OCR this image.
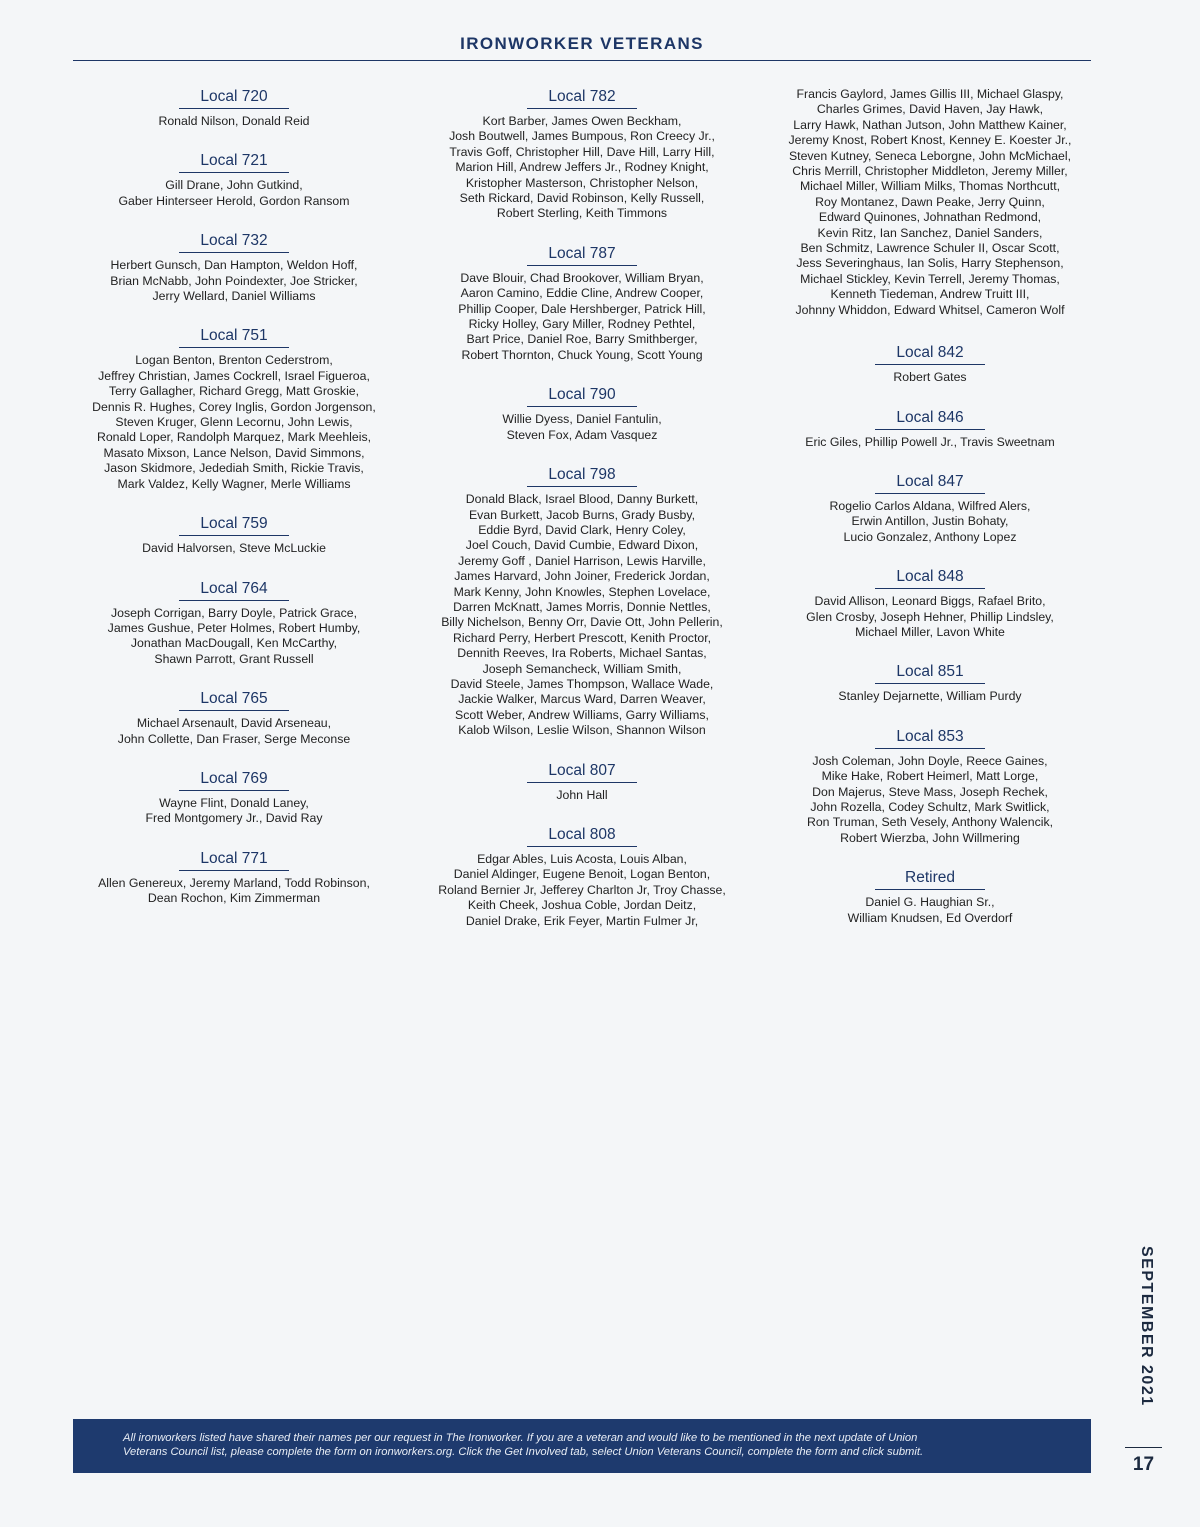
IRONWORKER VETERANS
Local 720
Ronald Nilson, Donald Reid
Local 721
Gill Drane, John Gutkind,
Gaber Hinterseer Herold, Gordon Ransom
Local 732
Herbert Gunsch, Dan Hampton, Weldon Hoff,
Brian McNabb, John Poindexter, Joe Stricker,
Jerry Wellard, Daniel Williams
Local 751
Logan Benton, Brenton Cederstrom,
Jeffrey Christian, James Cockrell, Israel Figueroa,
Terry Gallagher, Richard Gregg, Matt Groskie,
Dennis R. Hughes, Corey Inglis, Gordon Jorgenson,
Steven Kruger, Glenn Lecornu, John Lewis,
Ronald Loper, Randolph Marquez, Mark Meehleis,
Masato Mixson, Lance Nelson, David Simmons,
Jason Skidmore, Jedediah Smith, Rickie Travis,
Mark Valdez, Kelly Wagner, Merle Williams
Local 759
David Halvorsen, Steve McLuckie
Local 764
Joseph Corrigan, Barry Doyle, Patrick Grace,
James Gushue, Peter Holmes, Robert Humby,
Jonathan MacDougall, Ken McCarthy,
Shawn Parrott, Grant Russell
Local 765
Michael Arsenault, David Arseneau,
John Collette, Dan Fraser, Serge Meconse
Local 769
Wayne Flint, Donald Laney,
Fred Montgomery Jr., David Ray
Local 771
Allen Genereux, Jeremy Marland, Todd Robinson,
Dean Rochon, Kim Zimmerman
Local 782
Kort Barber, James Owen Beckham,
Josh Boutwell, James Bumpous, Ron Creecy Jr.,
Travis Goff, Christopher Hill, Dave Hill, Larry Hill,
Marion Hill, Andrew Jeffers Jr., Rodney Knight,
Kristopher Masterson, Christopher Nelson,
Seth Rickard, David Robinson, Kelly Russell,
Robert Sterling, Keith Timmons
Local 787
Dave Blouir, Chad Brookover, William Bryan,
Aaron Camino, Eddie Cline, Andrew Cooper,
Phillip Cooper, Dale Hershberger, Patrick Hill,
Ricky Holley, Gary Miller, Rodney Pethtel,
Bart Price, Daniel Roe, Barry Smithberger,
Robert Thornton, Chuck Young, Scott Young
Local 790
Willie Dyess, Daniel Fantulin,
Steven Fox, Adam Vasquez
Local 798
Donald Black, Israel Blood, Danny Burkett,
Evan Burkett, Jacob Burns, Grady Busby,
Eddie Byrd, David Clark, Henry Coley,
Joel Couch, David Cumbie, Edward Dixon,
Jeremy Goff , Daniel Harrison, Lewis Harville,
James Harvard, John Joiner, Frederick Jordan,
Mark Kenny, John Knowles, Stephen Lovelace,
Darren McKnatt, James Morris, Donnie Nettles,
Billy Nichelson, Benny Orr, Davie Ott, John Pellerin,
Richard Perry, Herbert Prescott, Kenith Proctor,
Dennith Reeves, Ira Roberts, Michael Santas,
Joseph Semancheck, William Smith,
David Steele, James Thompson, Wallace Wade,
Jackie Walker, Marcus Ward, Darren Weaver,
Scott Weber, Andrew Williams, Garry Williams,
Kalob Wilson, Leslie Wilson, Shannon Wilson
Local 807
John Hall
Local 808
Edgar Ables, Luis Acosta, Louis Alban,
Daniel Aldinger, Eugene Benoit, Logan Benton,
Roland Bernier Jr, Jefferey Charlton Jr, Troy Chasse,
Keith Cheek, Joshua Coble, Jordan Deitz,
Daniel Drake, Erik Feyer, Martin Fulmer Jr,
Francis Gaylord, James Gillis III, Michael Glaspy,
Charles Grimes, David Haven, Jay Hawk,
Larry Hawk, Nathan Jutson, John Matthew Kainer,
Jeremy Knost, Robert Knost, Kenney E. Koester Jr.,
Steven Kutney, Seneca Leborgne, John McMichael,
Chris Merrill, Christopher Middleton, Jeremy Miller,
Michael Miller, William Milks, Thomas Northcutt,
Roy Montanez, Dawn Peake, Jerry Quinn,
Edward Quinones, Johnathan Redmond,
Kevin Ritz, Ian Sanchez, Daniel Sanders,
Ben Schmitz, Lawrence Schuler II, Oscar Scott,
Jess Severinghaus, Ian Solis, Harry Stephenson,
Michael Stickley, Kevin Terrell, Jeremy Thomas,
Kenneth Tiedeman, Andrew Truitt III,
Johnny Whiddon, Edward Whitsel, Cameron Wolf
Local 842
Robert Gates
Local 846
Eric Giles, Phillip Powell Jr., Travis Sweetnam
Local 847
Rogelio Carlos Aldana, Wilfred Alers,
Erwin Antillon, Justin Bohaty,
Lucio Gonzalez, Anthony Lopez
Local 848
David Allison, Leonard Biggs, Rafael Brito,
Glen Crosby, Joseph Hehner, Phillip Lindsley,
Michael Miller, Lavon White
Local 851
Stanley Dejarnette, William Purdy
Local 853
Josh Coleman, John Doyle, Reece Gaines,
Mike Hake, Robert Heimerl, Matt Lorge,
Don Majerus, Steve Mass, Joseph Rechek,
John Rozella, Codey Schultz, Mark Switlick,
Ron Truman, Seth Vesely, Anthony Walencik,
Robert Wierzba, John Willmering
Retired
Daniel G. Haughian Sr.,
William Knudsen, Ed Overdorf
SEPTEMBER 2021
17
All ironworkers listed have shared their names per our request in The Ironworker. If you are a veteran and would like to be mentioned in the next update of Union
Veterans Council list, please complete the form on ironworkers.org. Click the Get Involved tab, select Union Veterans Council, complete the form and click submit.
